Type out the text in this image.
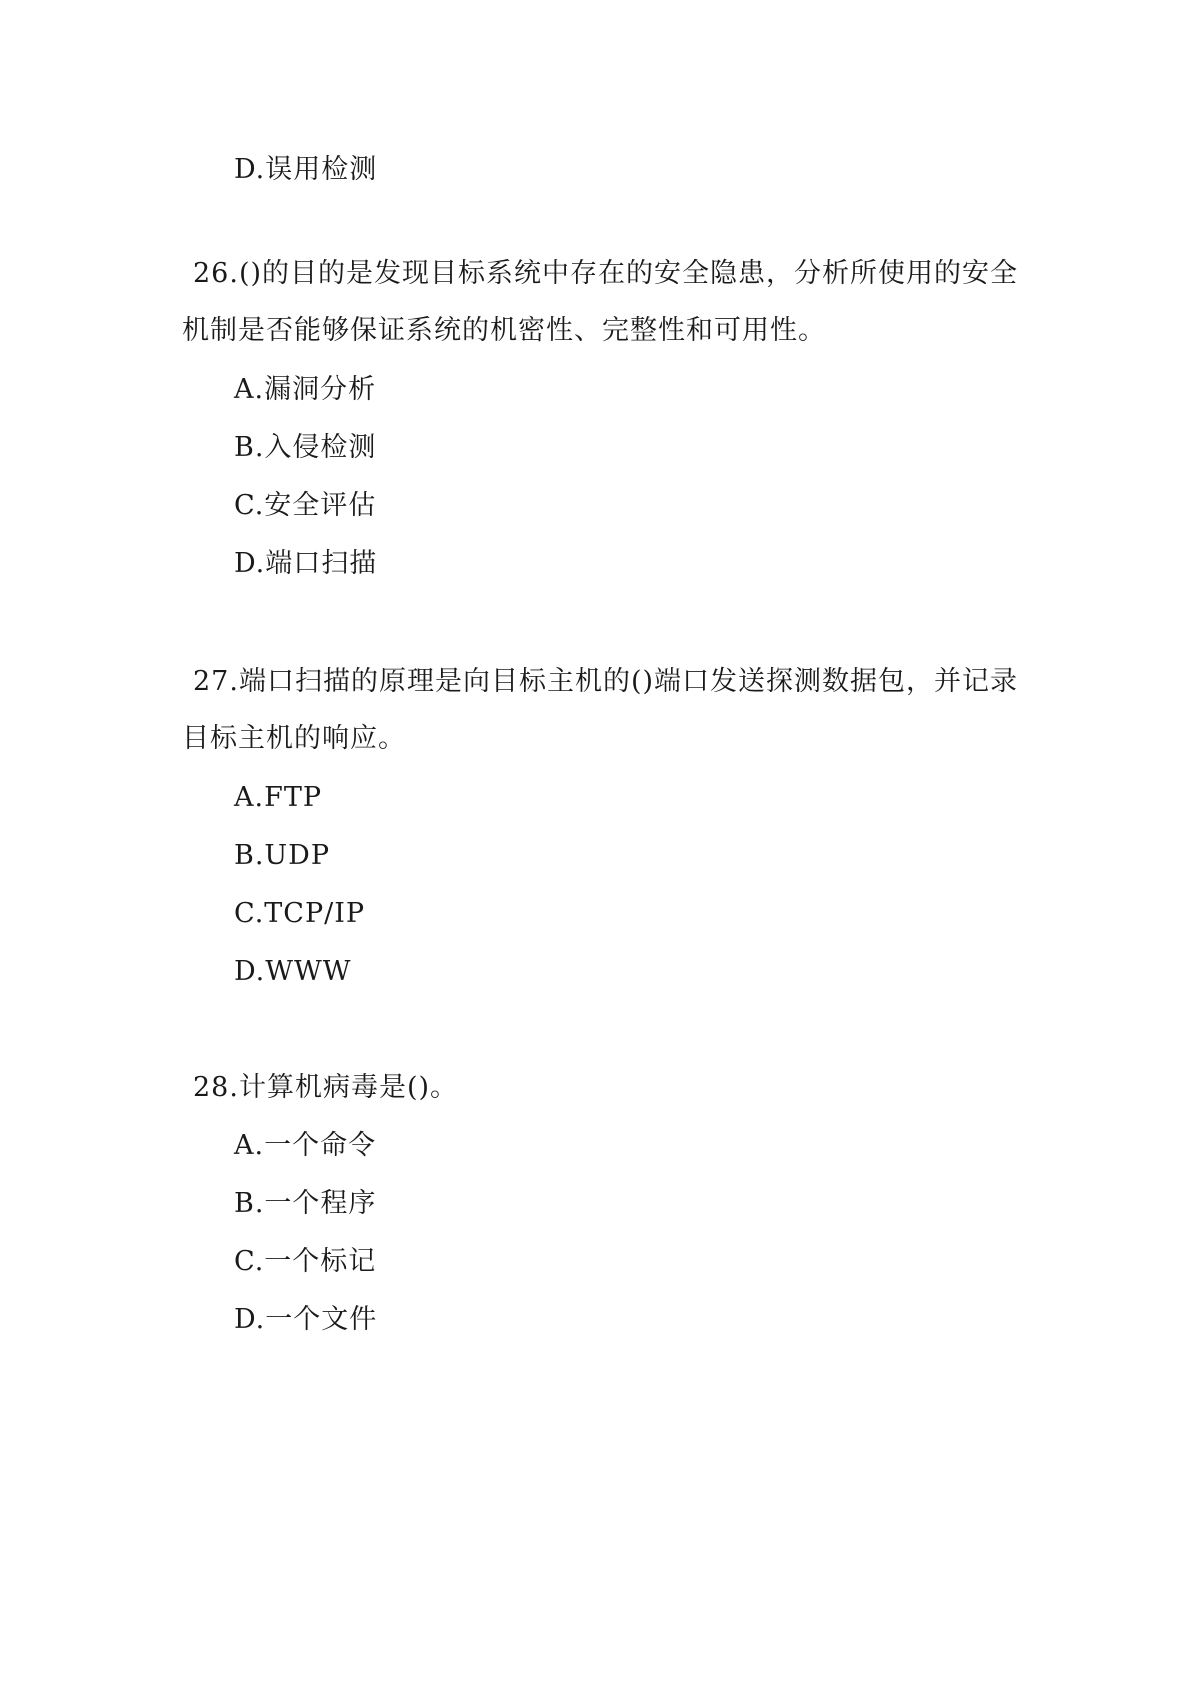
D.误用检测
26.()的目的是发现目标系统中存在的安全隐患，分析所使用的安全
机制是否能够保证系统的机密性、完整性和可用性。
A.漏洞分析
B.入侵检测
C.安全评估
D.端口扫描
27.端口扫描的原理是向目标主机的()端口发送探测数据包，并记录
目标主机的响应。
A.FTP
B.UDP
C.TCP/IP
D.WWW
28.计算机病毒是()。
A.一个命令
B.一个程序
C.一个标记
D.一个文件
